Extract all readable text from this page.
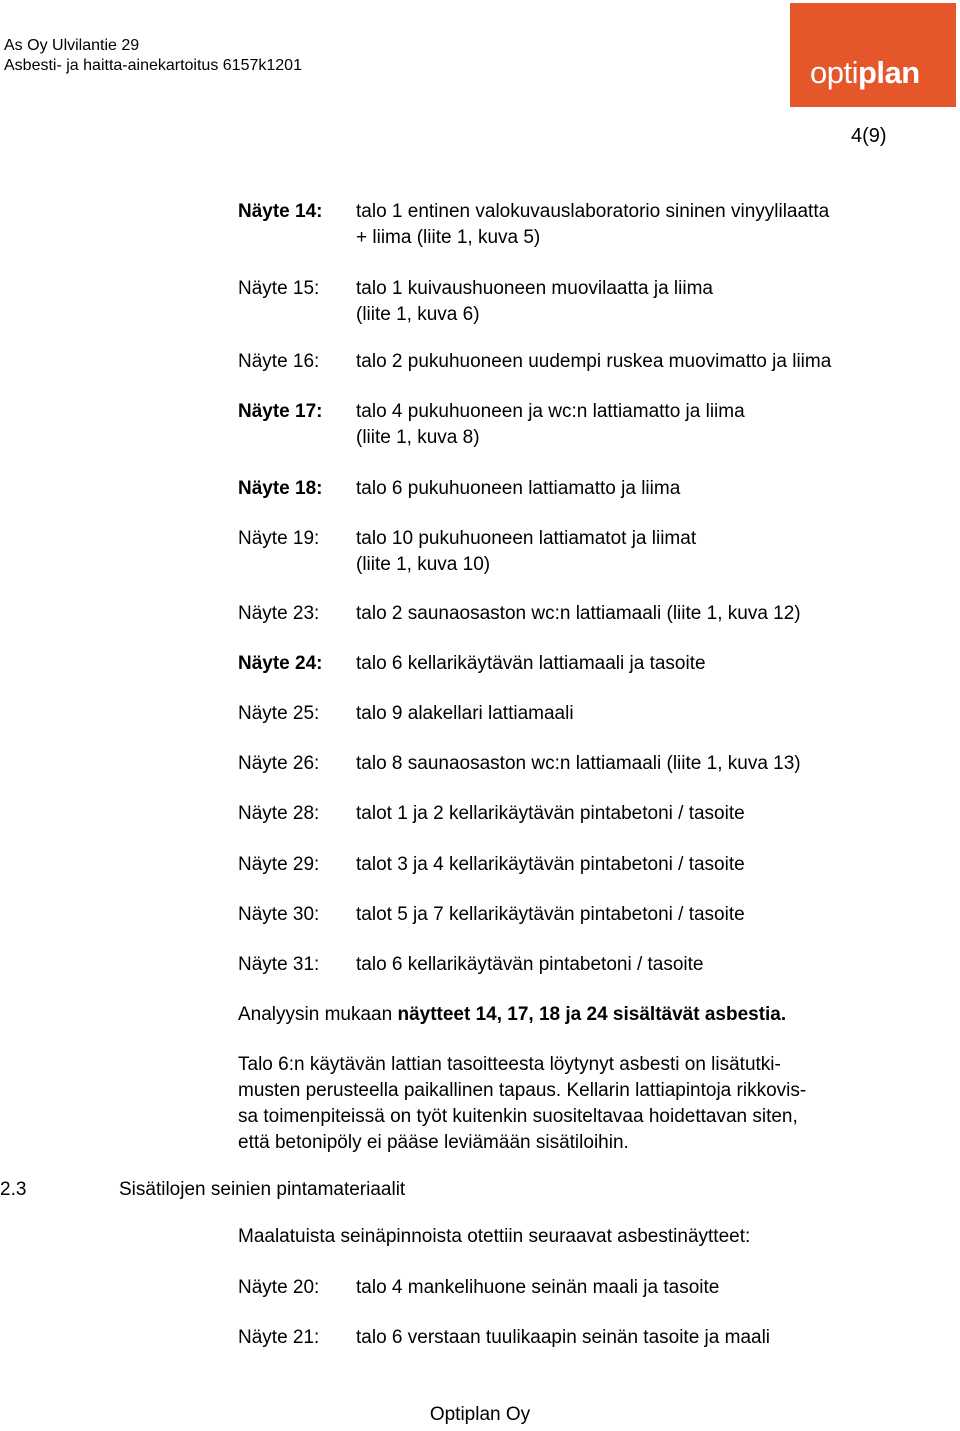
As Oy Ulvilantie 29
Asbesti- ja haitta-ainekartoitus 6157k1201	optiplan
4(9)
Näyte 14: talo 1 entinen valokuvauslaboratorio sininen vinyylilaatta
+ liima (liite 1, kuva 5)
Näyte 15: talo 1 kuivaushuoneen muovilaatta ja liima
(liite 1, kuva 6)
Näyte 16: talo 2 pukuhuoneen uudempi ruskea muovimatto ja liima
Näyte 17: talo 4 pukuhuoneen ja wc:n lattiamatto ja liima
(liite 1, kuva 8)
Näyte 18: talo 6 pukuhuoneen lattiamatto ja liima
Näyte 19: talo 10 pukuhuoneen lattiamatot ja liimat
(liite 1, kuva 10)
Näyte 23: talo 2 saunaosaston wc:n lattiamaali (liite 1, kuva 12)
Näyte 24: talo 6 kellarikäytävän lattiamaali ja tasoite
Näyte 25: talo 9 alakellari lattiamaali
Näyte 26: talo 8 saunaosaston wc:n lattiamaali (liite 1, kuva 13)
Näyte 28: talot 1 ja 2 kellarikäytävän pintabetoni / tasoite
Näyte 29: talot 3 ja 4 kellarikäytävän pintabetoni / tasoite
Näyte 30: talot 5 ja 7 kellarikäytävän pintabetoni / tasoite
Näyte 31: talo 6 kellarikäytävän pintabetoni / tasoite
Analyysin mukaan näytteet 14, 17, 18 ja 24 sisältävät asbestia.
Talo 6:n käytävän lattian tasoitteesta löytynyt asbesti on lisätutki-
musten perusteella paikallinen tapaus. Kellarin lattiapintoja rikkovis-
sa toimenpiteissä on työt kuitenkin suositeltavaa hoidettavan siten,
että betonipöly ei pääse leviämään sisätiloihin.
2.3	Sisätilojen seinien pintamateriaalit
Maalatuista seinäpinnoista otettiin seuraavat asbestinäytteet:
Näyte 20: talo 4 mankelihuone seinän maali ja tasoite
Näyte 21: talo 6 verstaan tuulikaapin seinän tasoite ja maali
Optiplan Oy
